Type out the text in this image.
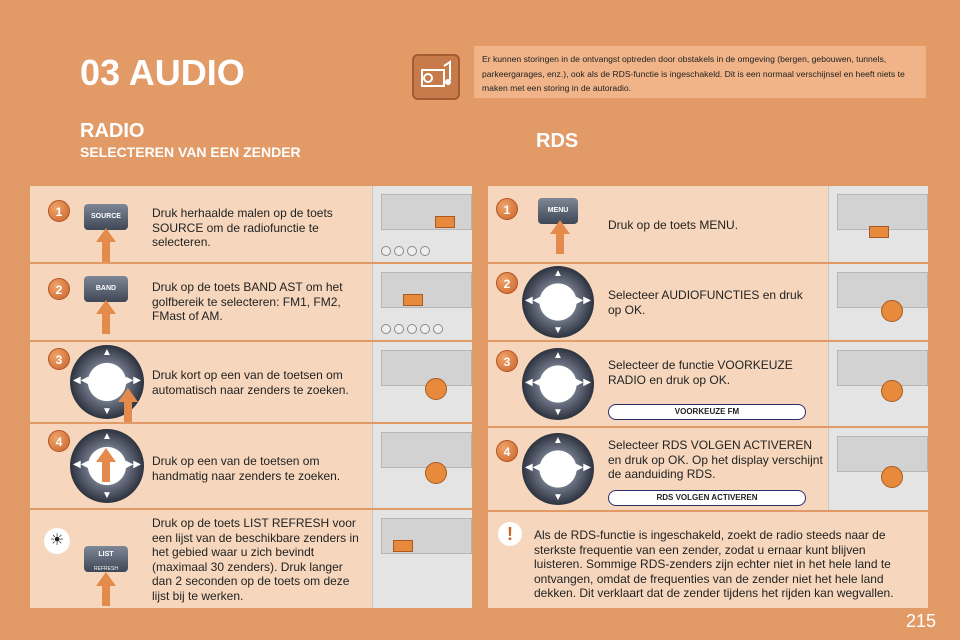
03 AUDIO	Er kunnen storingen in de ontvangst optreden door obstakels in de omgeving (bergen, gebouwen, tunnels, parkeergarages, enz.), ook als de RDS-functie is ingeschakeld. Dit is een normaal verschijnsel en heeft niets te maken met een storing in de autoradio.
RADIO
SELECTEREN VAN EEN ZENDER	RDS
1	SOURCE	Druk herhaalde malen op de toets SOURCE om de radiofunctie te selecteren.
2	BAND	Druk op de toets BAND AST om het golfbereik te selecteren: FM1, FM2, FMast of AM.
3
▲
▼
◀◀	▶▶ Druk kort op een van de toetsen om automatisch naar zenders te zoeken.
4	▲
▼
◀◀	▶▶ Druk op een van de toetsen om handmatig naar zenders te zoeken.
☀
LIST
REFRESH
Druk op de toets LIST REFRESH voor een lijst van de beschikbare zenders in het gebied waar u zich bevindt (maximaal 30 zenders). Druk langer dan 2 seconden op de toets om deze lijst bij te werken.
1	MENU
Druk op de toets MENU.
2
▲
▼
◀◀	▶▶ Selecteer AUDIOFUNCTIES en druk op OK.
3	▲
▼
◀◀	▶▶
Selecteer de functie VOORKEUZE RADIO en druk op OK.
VOORKEUZE FM
4
▲
▼
◀◀	▶▶
Selecteer RDS VOLGEN ACTIVEREN en druk op OK. Op het display verschijnt de aanduiding RDS.
RDS VOLGEN ACTIVEREN
!	Als de RDS-functie is ingeschakeld, zoekt de radio steeds naar de sterkste frequentie van een zender, zodat u ernaar kunt blijven luisteren. Sommige RDS-zenders zijn echter niet in het hele land te ontvangen, omdat de frequenties van de zender niet het hele land dekken. Dit verklaart dat de zender tijdens het rijden kan wegvallen.
215
